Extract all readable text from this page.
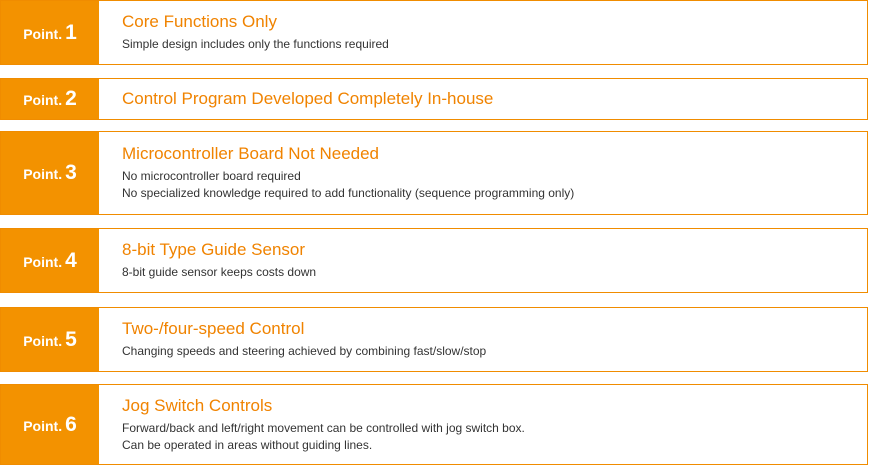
Point. 1	Core Functions Only
Simple design includes only the functions required
Point. 2	Control Program Developed Completely In-house
Point. 3
Microcontroller Board Not Needed
No microcontroller board required
No specialized knowledge required to add functionality (sequence programming only)
Point. 4	8-bit Type Guide Sensor
8-bit guide sensor keeps costs down
Point. 5	Two-/four-speed Control
Changing speeds and steering achieved by combining fast/slow/stop
Point. 6
Jog Switch Controls
Forward/back and left/right movement can be controlled with jog switch box.
Can be operated in areas without guiding lines.
